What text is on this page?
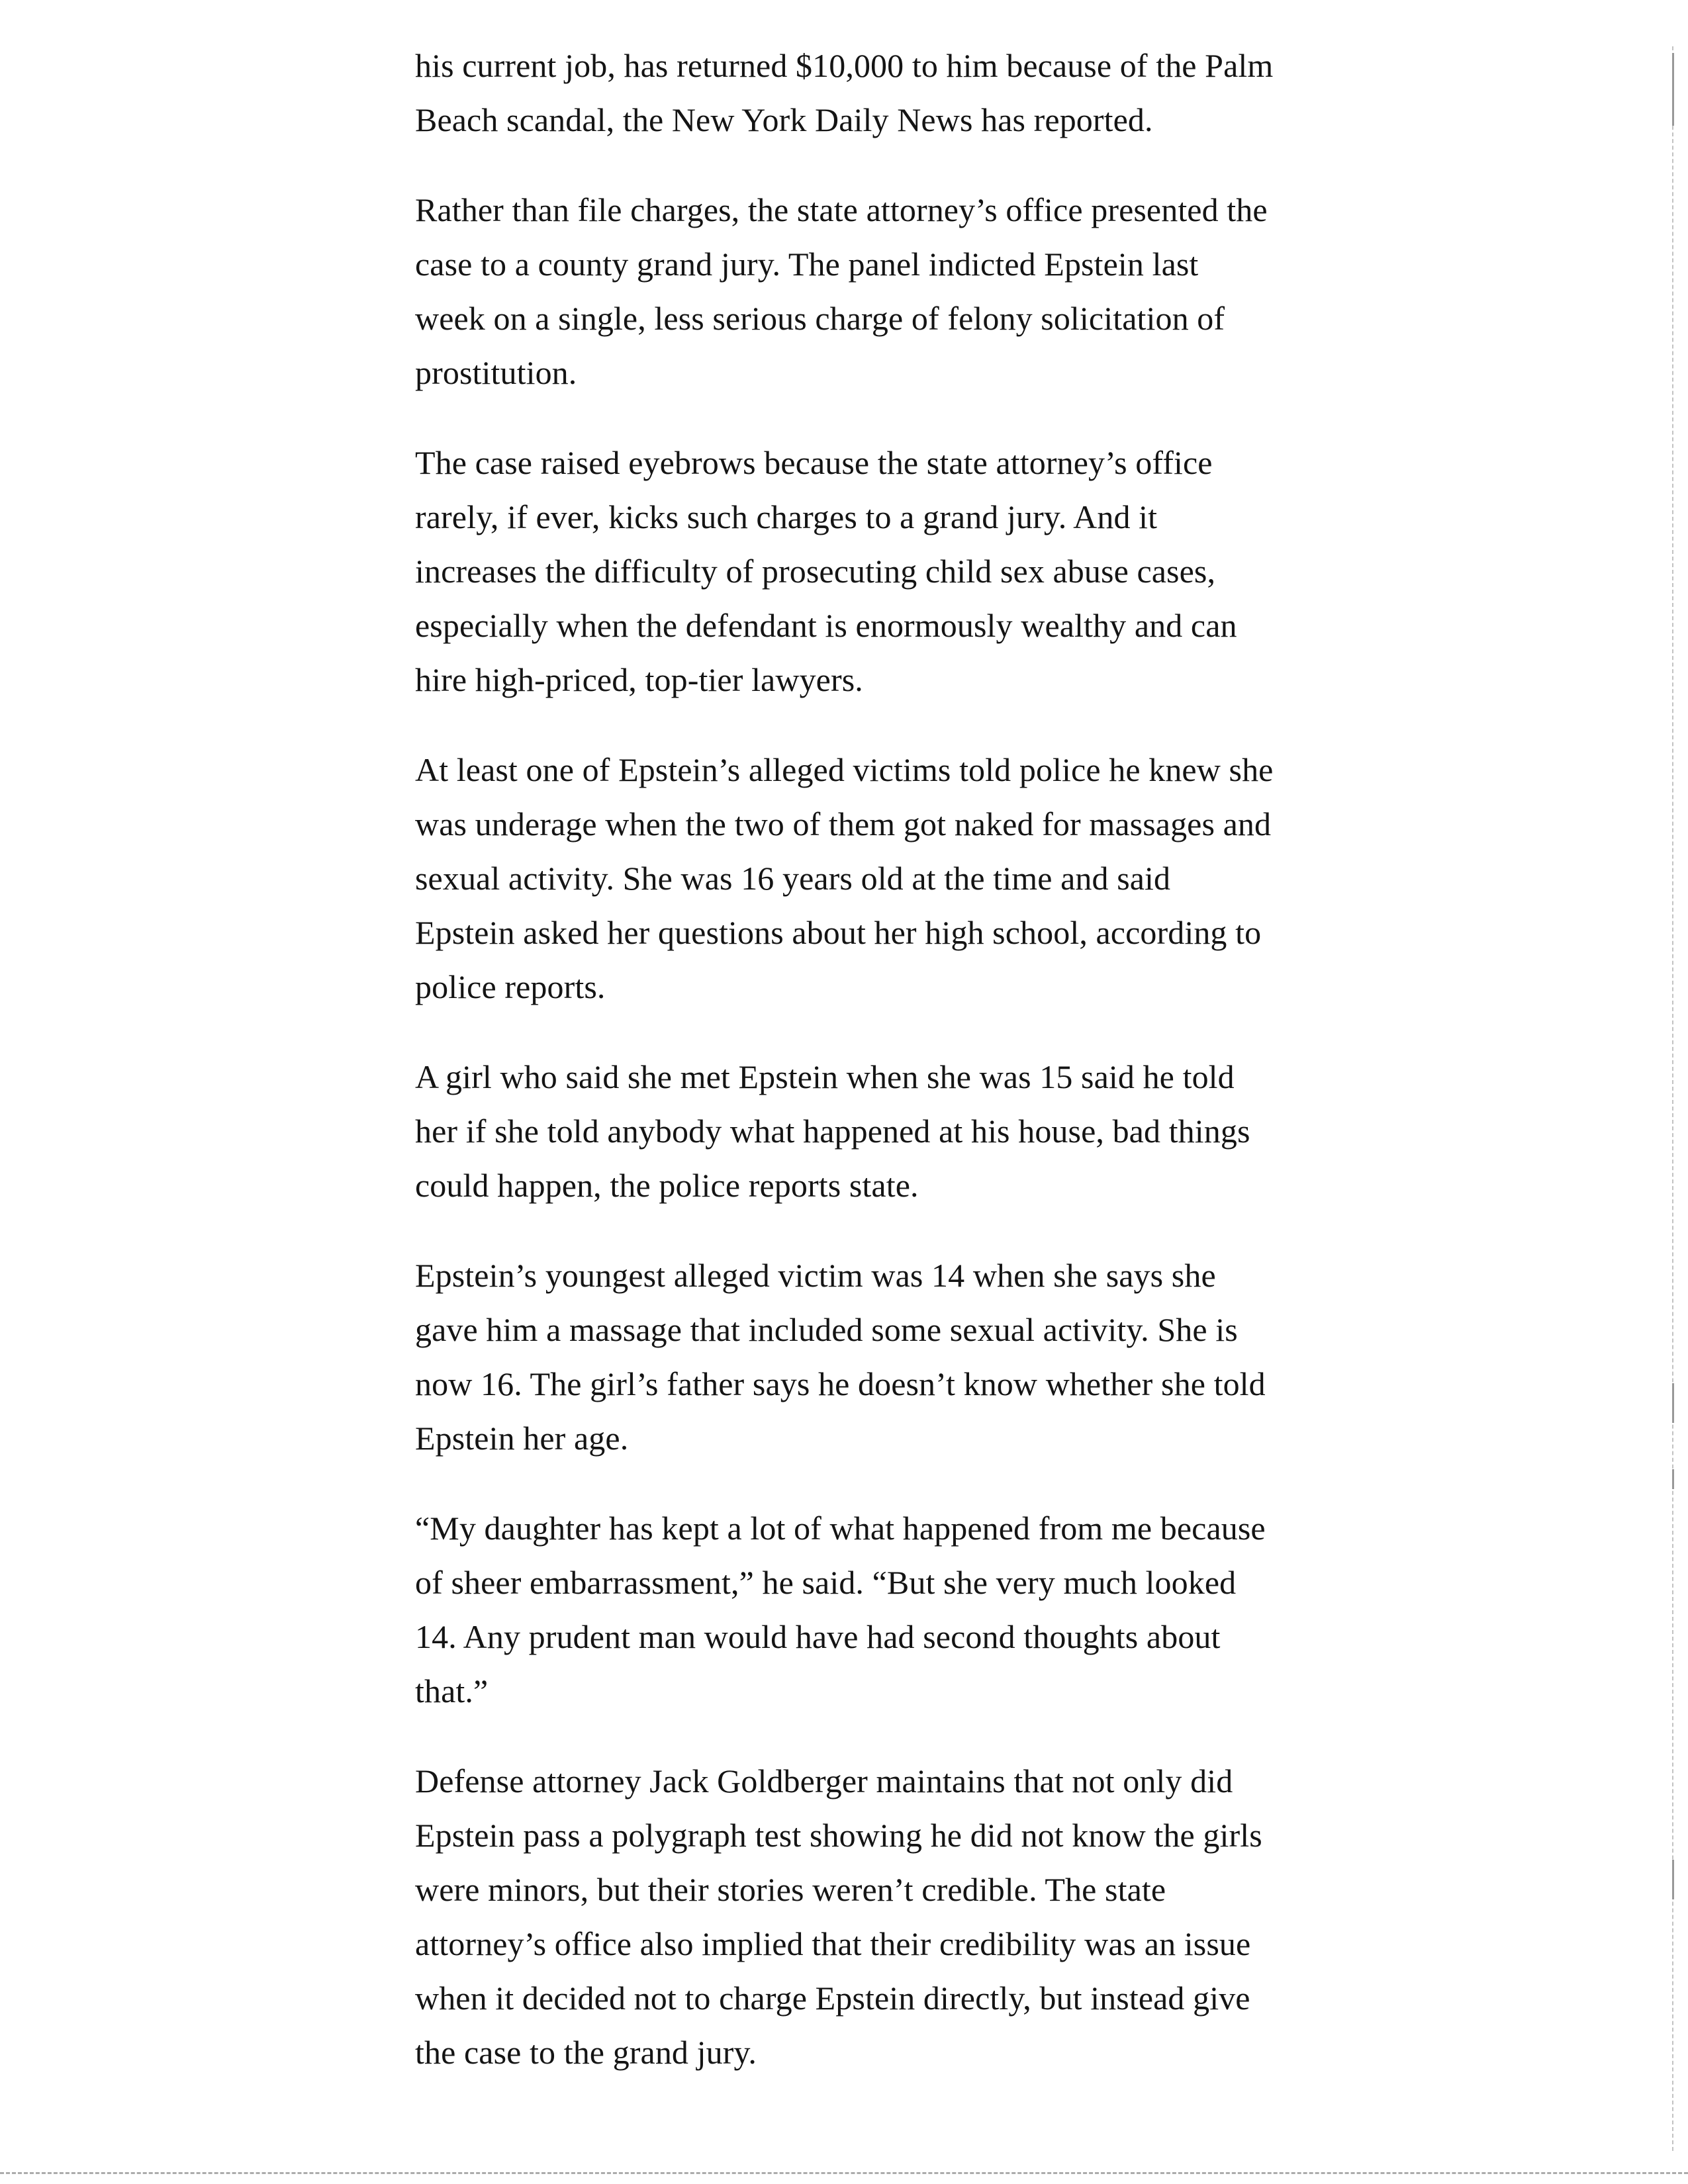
his current job, has returned $10,000 to him because of the Palm Beach scandal, the New York Daily News has reported.

Rather than file charges, the state attorney’s office presented the case to a county grand jury. The panel indicted Epstein last week on a single, less serious charge of felony solicitation of prostitution.

The case raised eyebrows because the state attorney’s office rarely, if ever, kicks such charges to a grand jury. And it increases the difficulty of prosecuting child sex abuse cases, especially when the defendant is enormously wealthy and can hire high-priced, top-tier lawyers.

At least one of Epstein’s alleged victims told police he knew she was underage when the two of them got naked for massages and sexual activity. She was 16 years old at the time and said Epstein asked her questions about her high school, according to police reports.

A girl who said she met Epstein when she was 15 said he told her if she told anybody what happened at his house, bad things could happen, the police reports state.

Epstein’s youngest alleged victim was 14 when she says she gave him a massage that included some sexual activity. She is now 16. The girl’s father says he doesn’t know whether she told Epstein her age.

“My daughter has kept a lot of what happened from me because of sheer embarrassment,” he said. “But she very much looked 14. Any prudent man would have had second thoughts about that.”

Defense attorney Jack Goldberger maintains that not only did Epstein pass a polygraph test showing he did not know the girls were minors, but their stories weren’t credible. The state attorney’s office also implied that their credibility was an issue when it decided not to charge Epstein directly, but instead give the case to the grand jury.
